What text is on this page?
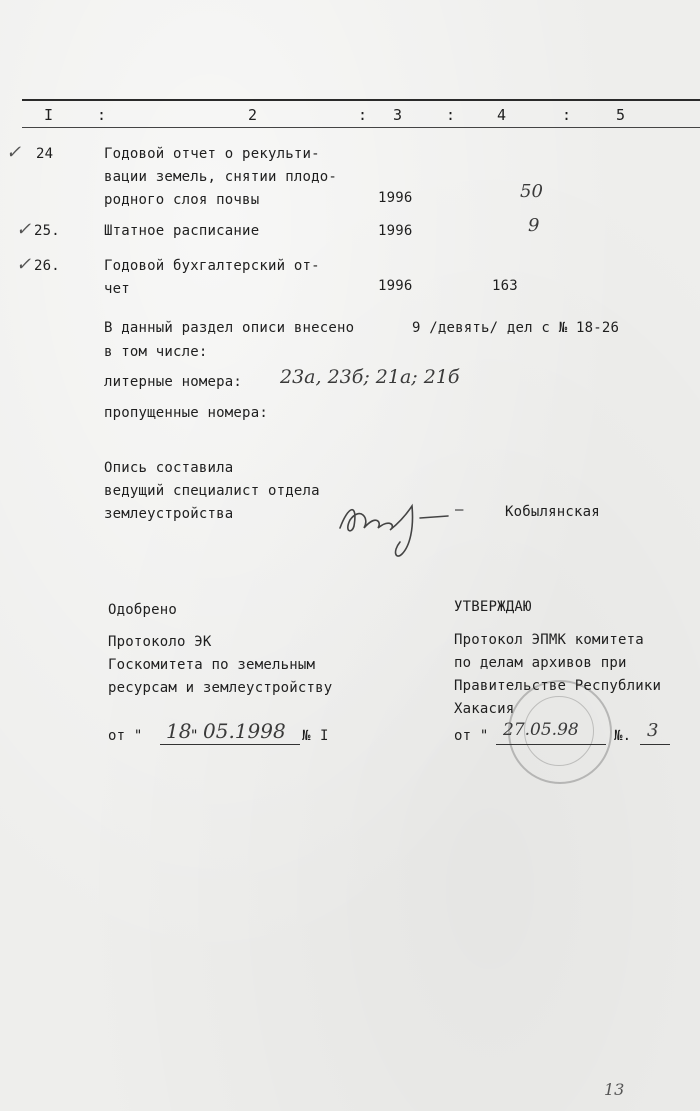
I	:	2	: 3	:	4	:	5
✓ 24	Годовой отчет о рекульти-
вации земель, снятии плодо-
родного слоя почвы	1996	50
✓ 25.	Штатное расписание	1996	9
✓ 26.	Годовой бухгалтерский от-
чет	1996	163
В данный раздел описи внесено	9 /девять/ дел с № 18-26
в том числе:
литерные номера: 23а, 23б; 21а; 21б
пропущенные номера:
Опись составила
ведущий специалист отдела
землеустройства	–	Кобылянская
Одобрено
Протоколо ЭК
Госкомитета по земельным
ресурсам и землеустройству
от " 18
" 05.1998 № I
УТВЕРЖДАЮ
Протокол ЭПМК комитета
по делам архивов при
Правительстве Республики
Хакасия
от " 27.05.98	№. 3
13
